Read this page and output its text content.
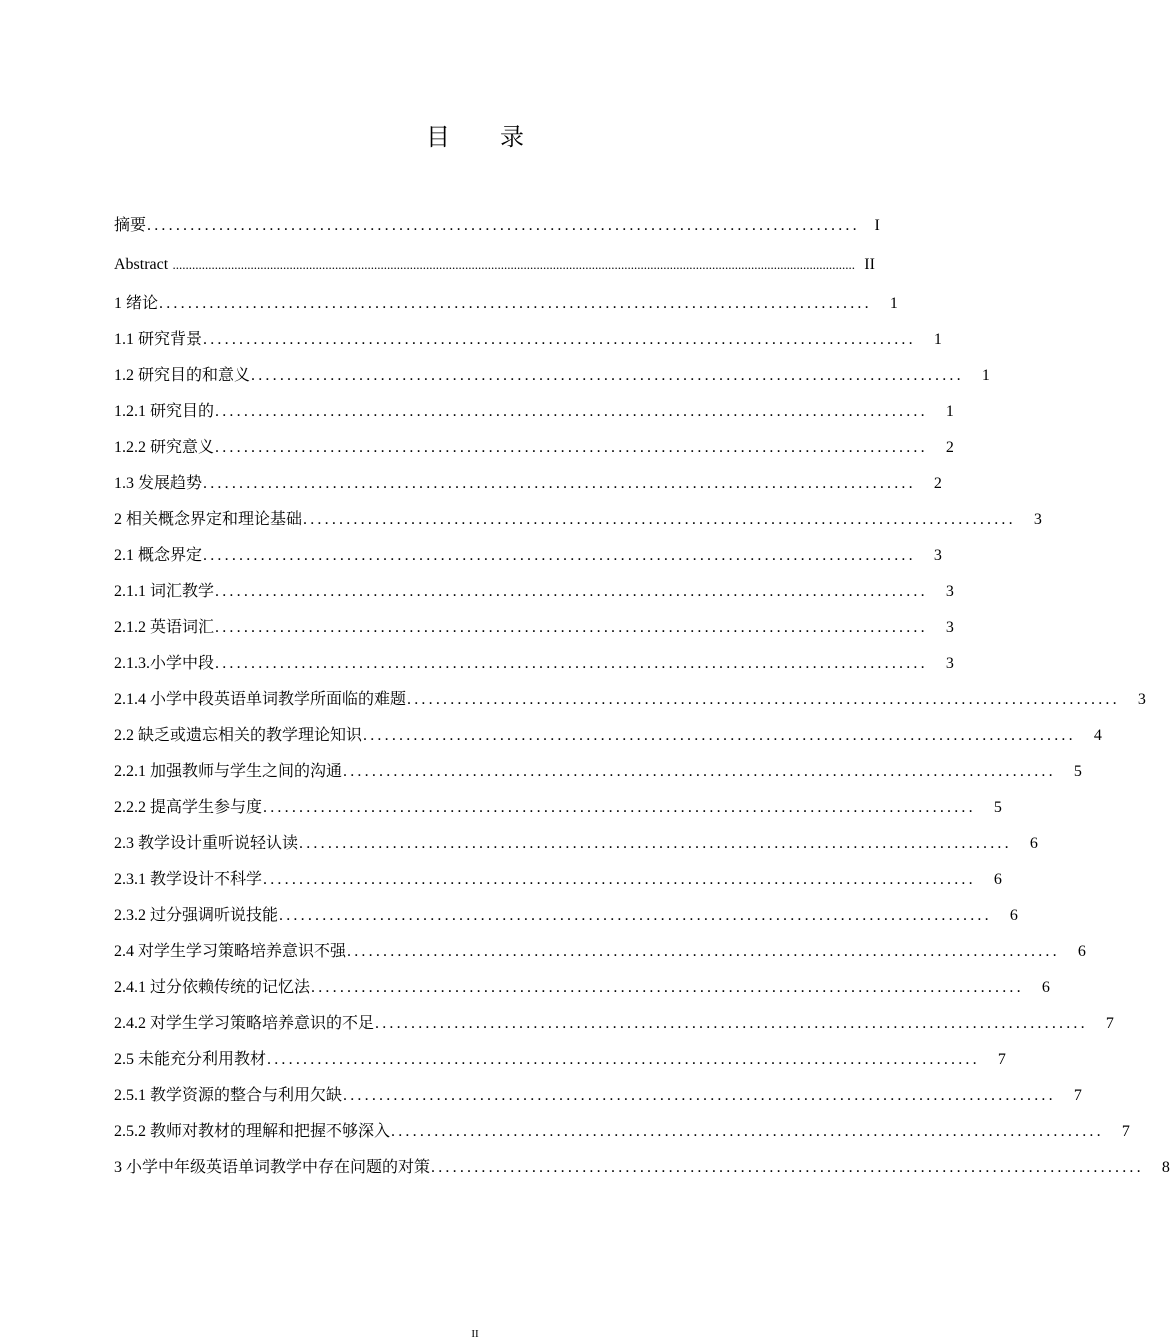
目 录
摘要 ................................................................................................... I
Abstract .................................................................................................................................................................................................................. II
1 绪论 ...................................................................................................	1
1.1 研究背景 ...................................................................................................	1
1.2 研究目的和意义 ...................................................................................................	1
1.2.1 研究目的 ...................................................................................................	1
1.2.2 研究意义 ...................................................................................................	2
1.3 发展趋势 ...................................................................................................	2
2 相关概念界定和理论基础 ...................................................................................................	3
2.1 概念界定 ...................................................................................................	3
2.1.1 词汇教学 ...................................................................................................	3
2.1.2 英语词汇 ...................................................................................................	3
2.1.3.小学中段 ...................................................................................................	3
2.1.4 小学中段英语单词教学所面临的难题 ...................................................................................................	3
2.2 缺乏或遗忘相关的教学理论知识 ...................................................................................................	4
2.2.1 加强教师与学生之间的沟通 ...................................................................................................	5
2.2.2 提高学生参与度 ...................................................................................................	5
2.3 教学设计重听说轻认读 ...................................................................................................	6
2.3.1 教学设计不科学 ...................................................................................................	6
2.3.2 过分强调听说技能 ...................................................................................................	6
2.4 对学生学习策略培养意识不强 ...................................................................................................	6
2.4.1 过分依赖传统的记忆法 ...................................................................................................	6
2.4.2 对学生学习策略培养意识的不足 ...................................................................................................	7
2.5 未能充分利用教材 ...................................................................................................	7
2.5.1 教学资源的整合与利用欠缺 ...................................................................................................	7
2.5.2 教师对教材的理解和把握不够深入 ...................................................................................................	7
3 小学中年级英语单词教学中存在问题的对策 ...................................................................................................	8
II
